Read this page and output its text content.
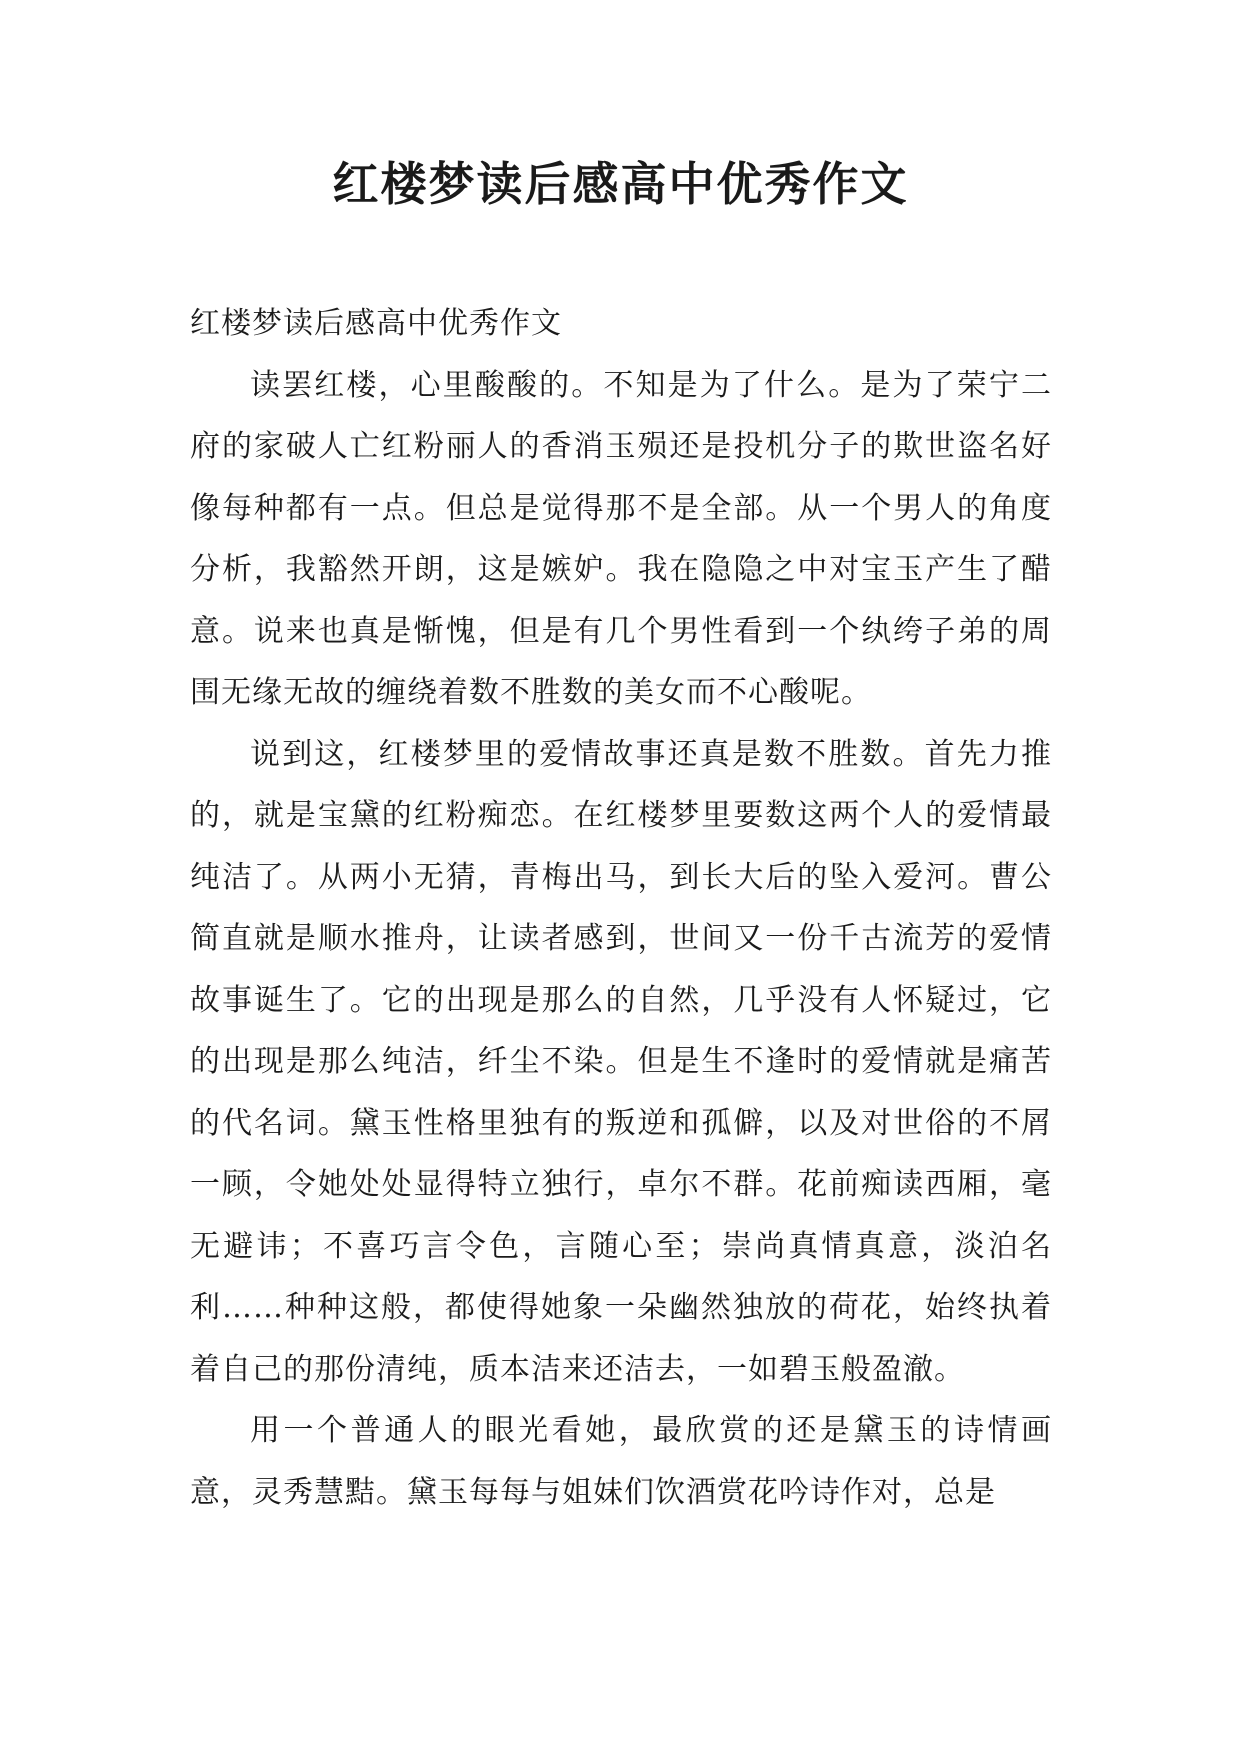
红楼梦读后感高中优秀作文

红楼梦读后感高中优秀作文

读罢红楼，心里酸酸的。不知是为了什么。是为了荣宁二府的家破人亡红粉丽人的香消玉殒还是投机分子的欺世盗名好像每种都有一点。但总是觉得那不是全部。从一个男人的角度分析，我豁然开朗，这是嫉妒。我在隐隐之中对宝玉产生了醋意。说来也真是惭愧，但是有几个男性看到一个纨绔子弟的周围无缘无故的缠绕着数不胜数的美女而不心酸呢。

说到这，红楼梦里的爱情故事还真是数不胜数。首先力推的，就是宝黛的红粉痴恋。在红楼梦里要数这两个人的爱情最纯洁了。从两小无猜，青梅出马，到长大后的坠入爱河。曹公简直就是顺水推舟，让读者感到，世间又一份千古流芳的爱情故事诞生了。它的出现是那么的自然，几乎没有人怀疑过，它的出现是那么纯洁，纤尘不染。但是生不逢时的爱情就是痛苦的代名词。黛玉性格里独有的叛逆和孤僻，以及对世俗的不屑一顾，令她处处显得特立独行，卓尔不群。花前痴读西厢，毫无避讳；不喜巧言令色，言随心至；崇尚真情真意，淡泊名利……种种这般，都使得她象一朵幽然独放的荷花，始终执着着自己的那份清纯，质本洁来还洁去，一如碧玉般盈澈。

用一个普通人的眼光看她，最欣赏的还是黛玉的诗情画意，灵秀慧黠。黛玉每每与姐妹们饮酒赏花吟诗作对，总是
